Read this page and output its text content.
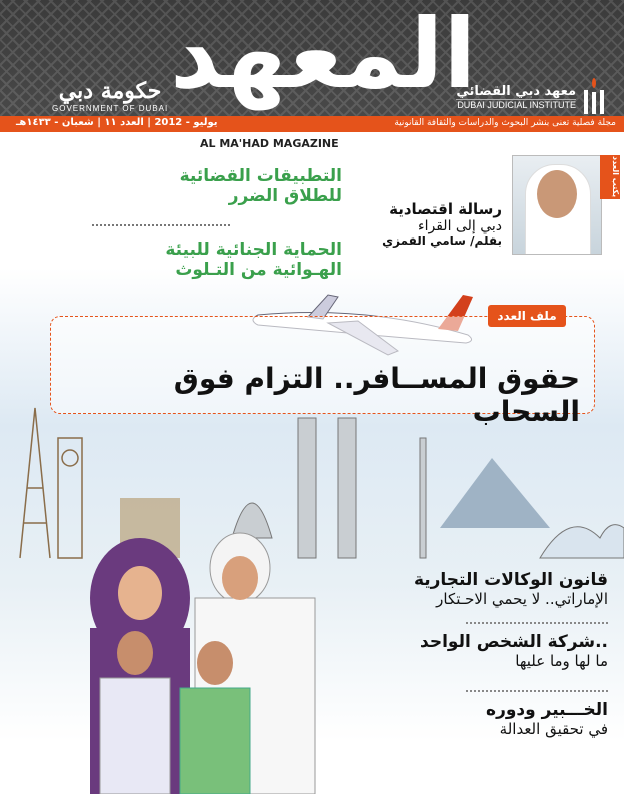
حكومة دبي
GOVERNMENT OF DUBAI المعهد
معهد دبي القضائي
DUBAI JUDICIAL INSTITUTE
يوليو - 2012 | العدد ١١ | شعبان - ١٤٣٣هـ	مجلة فصلية تعنى بنشر البحوث والدراسات والثقافة القانونية
AL MA'HAD MAGAZINE
التطبيقات القضائية
للطلاق الضرر
الحماية الجنائية للبيئة
الهـوائية من التـلوث
يكتب العدد
رسالة اقتصادية
دبي إلى القراء
بقلم/ سامي القمزي
ملف العدد
حقوق المســافر.. التزام فوق السحاب
قانون الوكالات التجارية
الإماراتي.. لا يحمي الاحـتكار
شركة الشخص الواحد..
ما لها وما عليها
الخـــبير ودوره
في تحقيق العدالة
